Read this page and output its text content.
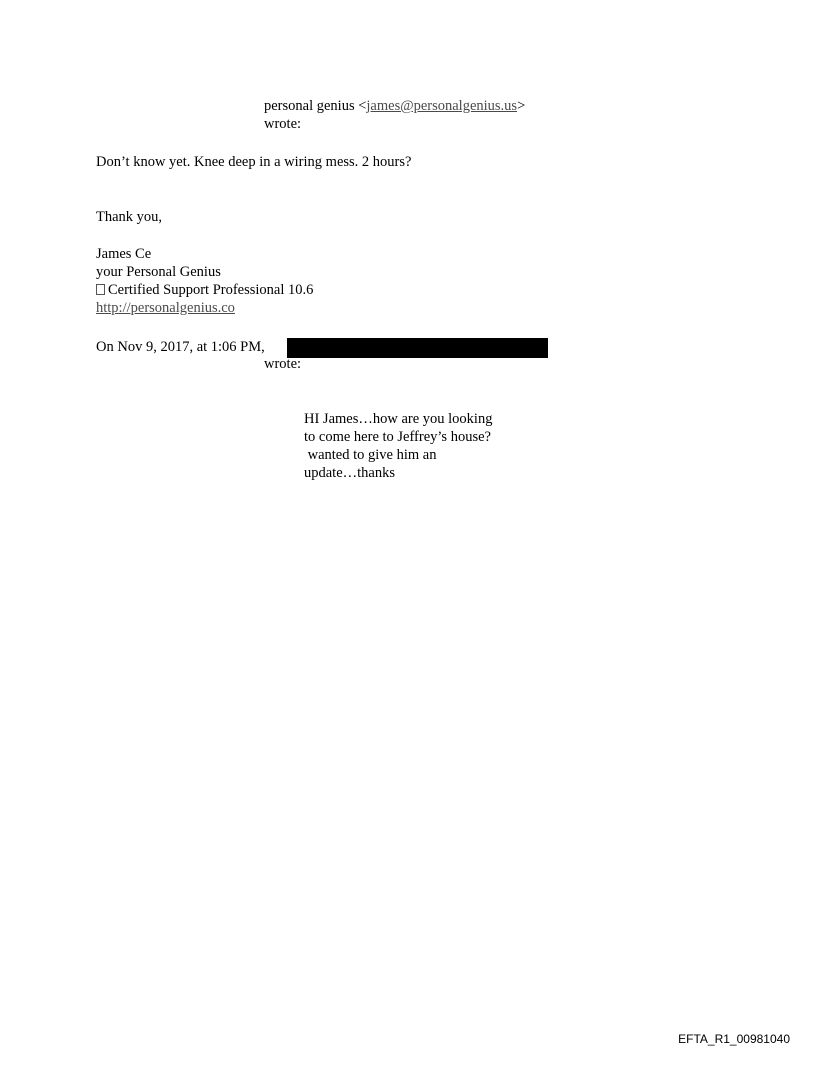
personal genius <james@personalgenius.us>
wrote:
Don’t know yet. Knee deep in a wiring mess. 2 hours?
Thank you,
James Ce
your Personal Genius
Certified Support Professional 10.6
http://personalgenius.co
On Nov 9, 2017, at 1:06 PM,
wrote:
HI James…how are you looking
to come here to Jeffrey’s house?
wanted to give him an
update…thanks
EFTA_R1_00981040
